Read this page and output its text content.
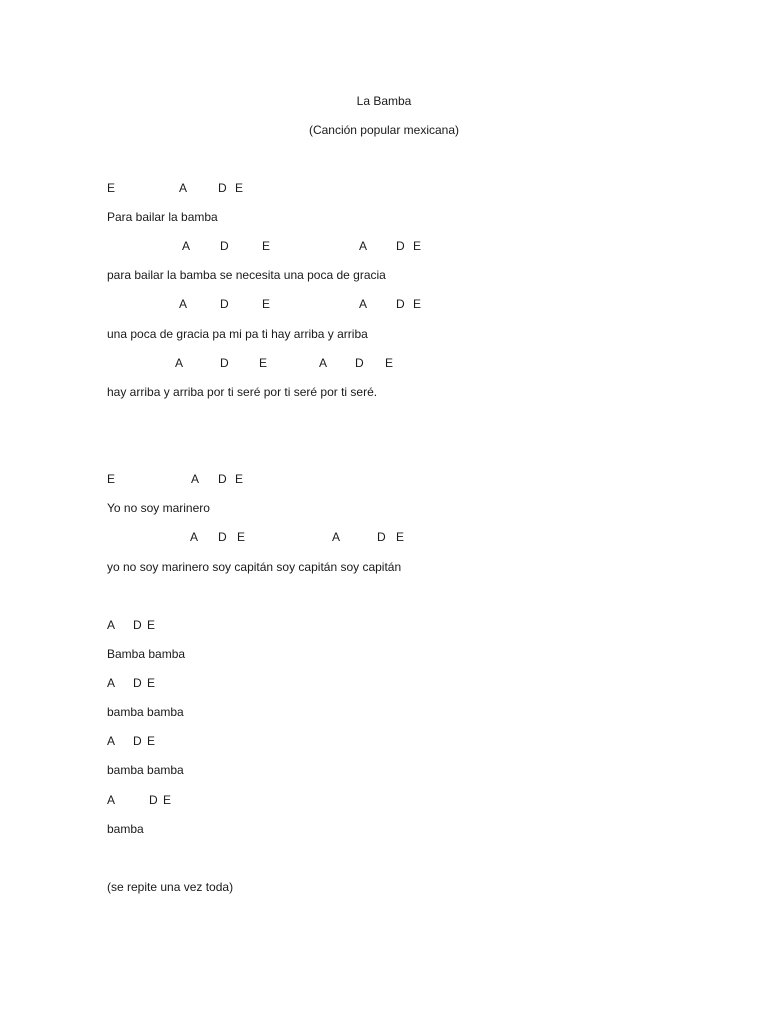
La Bamba
(Canción popular mexicana)
E	A	D E
Para bailar la bamba
A D	E	A D E
para bailar la bamba se necesita una poca de gracia
A	D	E	A D E
una poca de gracia pa mi pa ti hay arriba y arriba
A	D	E	A D E
hay arriba y arriba por ti seré por ti seré por ti seré.
E	A D E
Yo no soy marinero
A D E	A	D E
yo no soy marinero soy capitán soy capitán soy capitán
A D E
Bamba bamba
A D E
bamba bamba
A D E
bamba bamba
A	D E
bamba
(se repite una vez toda)
